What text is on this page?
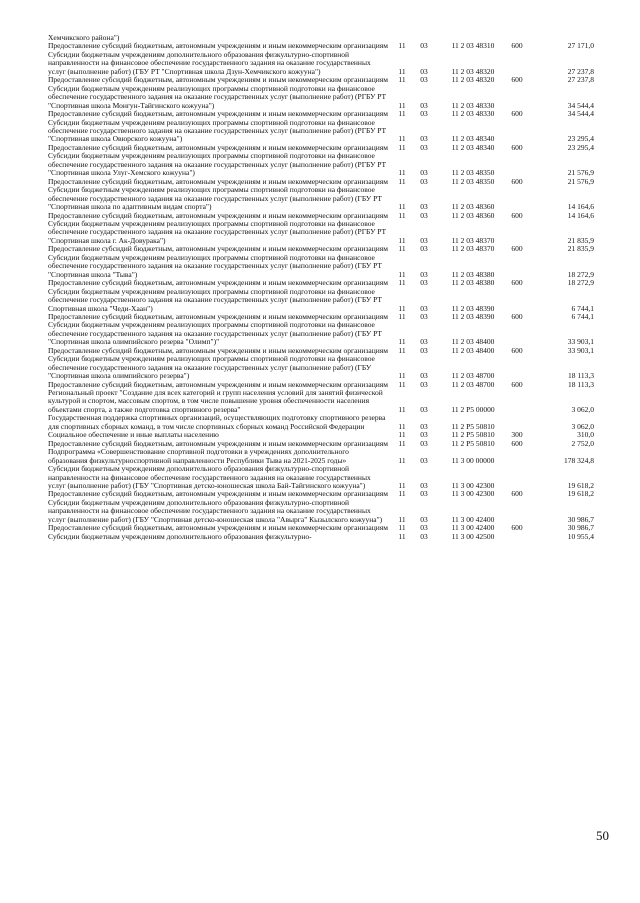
Хемчикского района")							
Предоставление субсидий бюджетным, автономным учреждениям и иным некоммерческим организациям	11		03		11 2 03 48310	600	27 171,0
Субсидии бюджетным учреждениям дополнительного образования физкультурно-спортивной направленности на финансовое обеспечение государственного задания на оказание государственных услуг (выполнение работ) (ГБУ РТ "Спортивная школа Дзун-Хемчикского кожууна")	11		03		11 2 03 48320		27 237,8
Предоставление субсидий бюджетным, автономным учреждениям и иным некоммерческим организациям	11		03		11 2 03 48320	600	27 237,8
Субсидии бюджетным учреждениям реализующих программы спортивной подготовки на финансовое обеспечение государственного задания на оказание государственных услуг (выполнение работ) (РГБУ РТ "Спортивная школа Монгун-Тайгинского кожууна")	11		03		11 2 03 48330		34 544,4
Предоставление субсидий бюджетным, автономным учреждениям и иным некоммерческим организациям	11		03		11 2 03 48330	600	34 544,4
Субсидии бюджетным учреждениям реализующих программы спортивной подготовки на финансовое обеспечение государственного задания на оказание государственных услуг (выполнение работ) (РГБУ РТ "Спортивная школа Овюрского кожууна")	11		03		11 2 03 48340		23 295,4
Предоставление субсидий бюджетным, автономным учреждениям и иным некоммерческим организациям	11		03		11 2 03 48340	600	23 295,4
Субсидии бюджетным учреждениям реализующих программы спортивной подготовки на финансовое обеспечение государственного задания на оказание государственных услуг (выполнение работ) (РГБУ РТ "Спортивная школа Улуг-Хемского кожууна")	11		03		11 2 03 48350		21 576,9
Предоставление субсидий бюджетным, автономным учреждениям и иным некоммерческим организациям	11		03		11 2 03 48350	600	21 576,9
Субсидии бюджетным учреждениям реализующих программы спортивной подготовки на финансовое обеспечение государственного задания на оказание государственных услуг (выполнение работ) (ГБУ РТ "Спортивная школа по адаптивным видам спорта")	11		03		11 2 03 48360		14 164,6
Предоставление субсидий бюджетным, автономным учреждениям и иным некоммерческим организациям	11		03		11 2 03 48360	600	14 164,6
Субсидии бюджетным учреждениям реализующих программы спортивной подготовки на финансовое обеспечение государственного задания на оказание государственных услуг (выполнение работ) (РГБУ РТ "Спортивная школа г. Ак-Довурака")	11		03		11 2 03 48370		21 835,9
Предоставление субсидий бюджетным, автономным учреждениям и иным некоммерческим организациям	11		03		11 2 03 48370	600	21 835,9
Субсидии бюджетным учреждениям реализующих программы спортивной подготовки на финансовое обеспечение государственного задания на оказание государственных услуг (выполнение работ) (ГБУ РТ "Спортивная школа "Тыва")	11		03		11 2 03 48380		18 272,9
Предоставление субсидий бюджетным, автономным учреждениям и иным некоммерческим организациям	11		03		11 2 03 48380	600	18 272,9
Субсидии бюджетным учреждениям реализующих программы спортивной подготовки на финансовое обеспечение государственного задания на оказание государственных услуг (выполнение работ) (ГБУ РТ Спортивная школа "Чеди-Хаан")	11		03		11 2 03 48390		6 744,1
Предоставление субсидий бюджетным, автономным учреждениям и иным некоммерческим организациям	11		03		11 2 03 48390	600	6 744,1
Субсидии бюджетным учреждениям реализующих программы спортивной подготовки на финансовое обеспечение государственного задания на оказание государственных услуг (выполнение работ) (ГБУ РТ "Спортивная школа олимпийского резерва "Олимп")"	11		03		11 2 03 48400		33 903,1
Предоставление субсидий бюджетным, автономным учреждениям и иным некоммерческим организациям	11		03		11 2 03 48400	600	33 903,1
Субсидии бюджетным учреждениям реализующих программы спортивной подготовки на финансовое обеспечение государственного задания на оказание государственных услуг (выполнение работ) (ГБУ "Спортивная школа олимпийского резерва")	11		03		11 2 03 48700		18 113,3
Предоставление субсидий бюджетным, автономным учреждениям и иным некоммерческим организациям	11		03		11 2 03 48700	600	18 113,3
Региональный проект "Создание для всех категорий и групп населения условий для занятий физической культурой и спортом, массовым спортом, в том числе повышение уровня обеспеченности населения объектами спорта, а также подготовка спортивного резерва"	11		03		11 2 P5 00000		3 062,0
Государственная поддержка спортивных организаций, осуществляющих подготовку спортивного резерва для спортивных сборных команд, в том числе спортивных сборных команд Российской Федерации	11		03		11 2 P5 50810		3 062,0
Социальное обеспечение и иные выплаты населению	11		03		11 2 P5 50810	300	310,0
Предоставление субсидий бюджетным, автономным учреждениям и иным некоммерческим организациям	11		03		11 2 P5 50810	600	2 752,0
Подпрограмма «Совершенствование спортивной подготовки в учреждениях дополнительного образования физкультурноспортивной направленности Республики Тыва на 2021-2025 годы»	11		03		11 3 00 00000		178 324,8
Субсидии бюджетным учреждениям дополнительного образования физкультурно-спортивной направленности на финансовое обеспечение государственного задания на оказание государственных услуг (выполнение работ) (ГБУ "Спортивная детско-юношеская школа Бай-Тайгинского кожууна")	11		03		11 3 00 42300		19 618,2
Предоставление субсидий бюджетным, автономным учреждениям и иным некоммерческим организациям	11		03		11 3 00 42300	600	19 618,2
Субсидии бюджетным учреждениям дополнительного образования физкультурно-спортивной направленности на финансовое обеспечение государственного задания на оказание государственных услуг (выполнение работ) (ГБУ "Спортивная детско-юношеская школа "Авырга" Кызылского кожууна")	11		03		11 3 00 42400		30 986,7
Предоставление субсидий бюджетным, автономным учреждениям и иным некоммерческим организациям	11		03		11 3 00 42400	600	30 986,7
Субсидии бюджетным учреждениям дополнительного образования физкультурно-	11		03		11 3 00 42500		10 955,4
50
